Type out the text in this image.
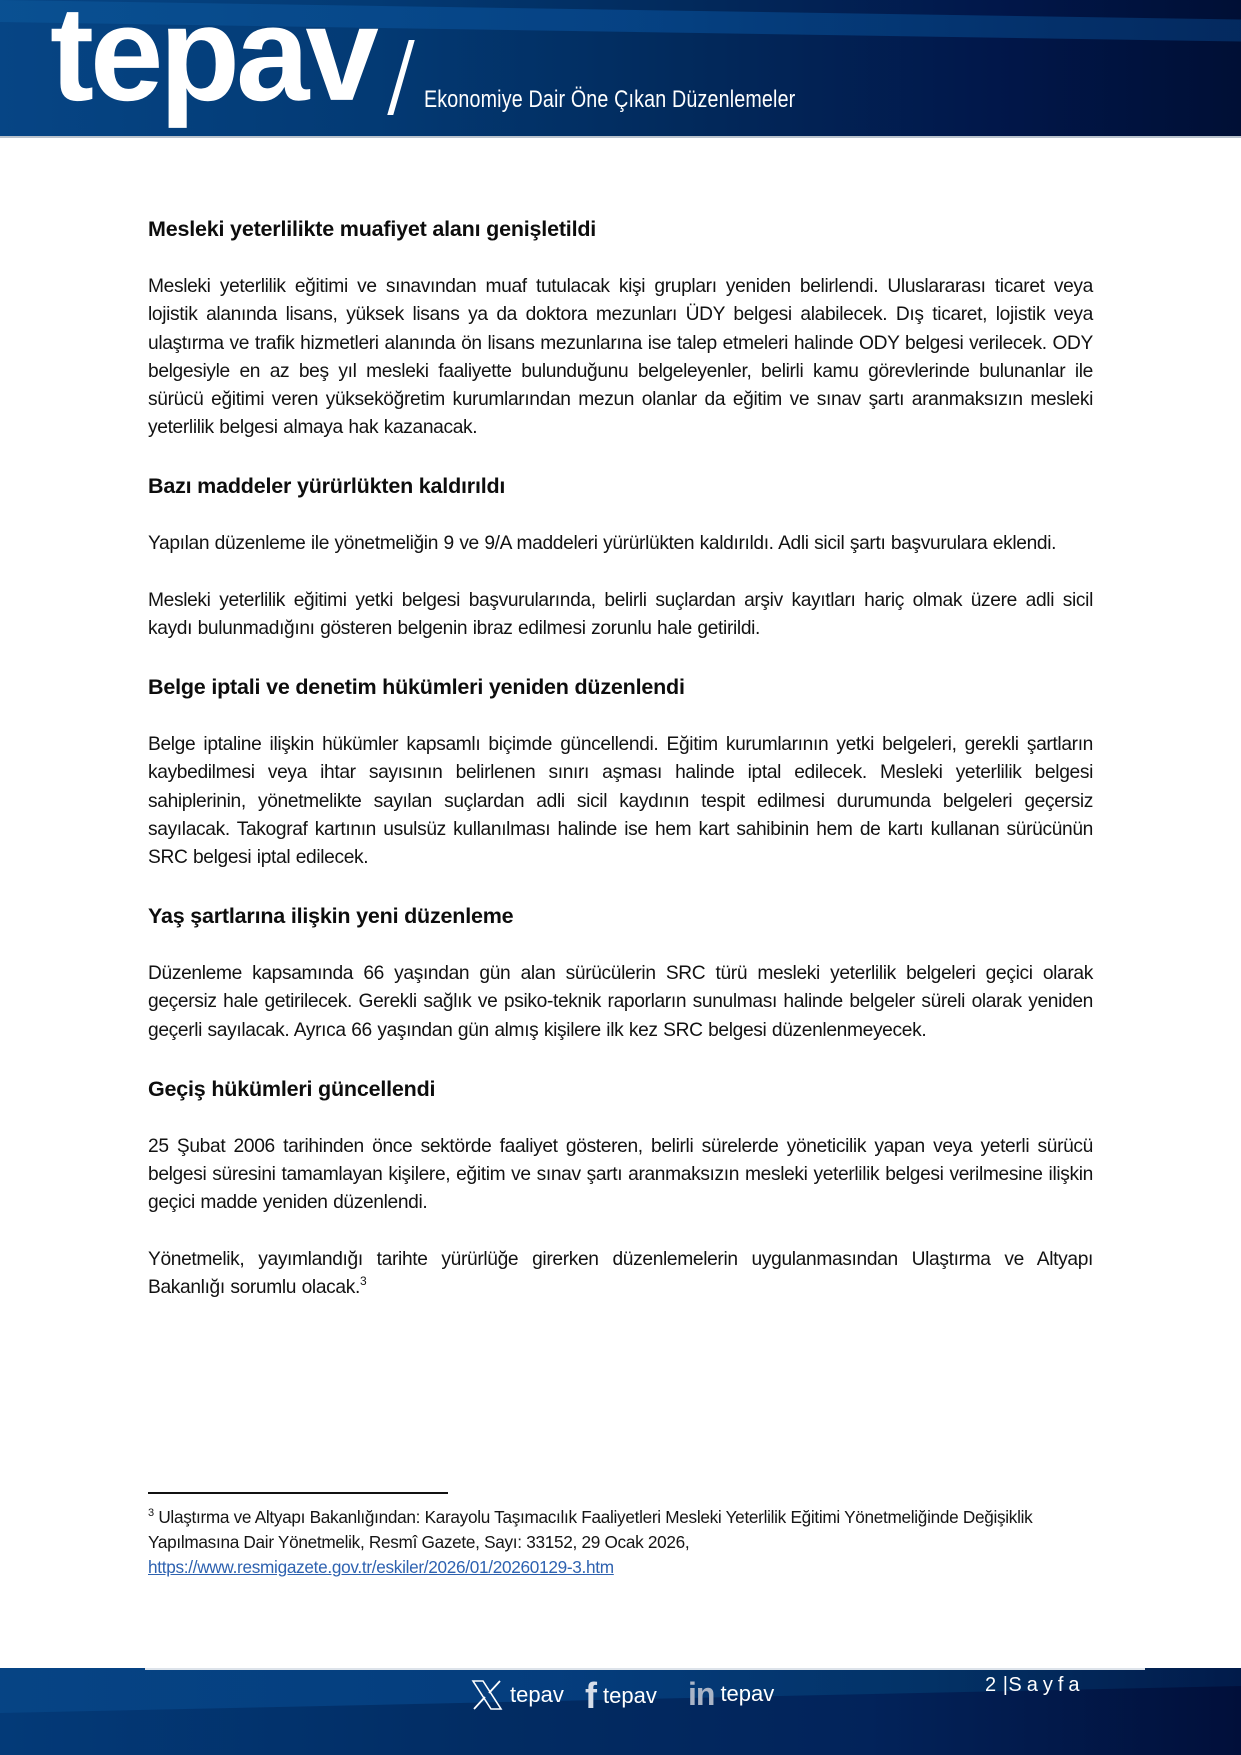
tepav Ekonomiye Dair Öne Çıkan Düzenlemeler
Mesleki yeterlilikte muafiyet alanı genişletildi

Mesleki yeterlilik eğitimi ve sınavından muaf tutulacak kişi grupları yeniden belirlendi. Uluslararası ticaret veya lojistik alanında lisans, yüksek lisans ya da doktora mezunları ÜDY belgesi alabilecek. Dış ticaret, lojistik veya ulaştırma ve trafik hizmetleri alanında ön lisans mezunlarına ise talep etmeleri halinde ODY belgesi verilecek. ODY belgesiyle en az beş yıl mesleki faaliyette bulunduğunu belgeleyenler, belirli kamu görevlerinde bulunanlar ile sürücü eğitimi veren yükseköğretim kurumlarından mezun olanlar da eğitim ve sınav şartı aranmaksızın mesleki yeterlilik belgesi almaya hak kazanacak.

Bazı maddeler yürürlükten kaldırıldı

Yapılan düzenleme ile yönetmeliğin 9 ve 9/A maddeleri yürürlükten kaldırıldı. Adli sicil şartı başvurulara eklendi.

Mesleki yeterlilik eğitimi yetki belgesi başvurularında, belirli suçlardan arşiv kayıtları hariç olmak üzere adli sicil kaydı bulunmadığını gösteren belgenin ibraz edilmesi zorunlu hale getirildi.

Belge iptali ve denetim hükümleri yeniden düzenlendi

Belge iptaline ilişkin hükümler kapsamlı biçimde güncellendi. Eğitim kurumlarının yetki belgeleri, gerekli şartların kaybedilmesi veya ihtar sayısının belirlenen sınırı aşması halinde iptal edilecek. Mesleki yeterlilik belgesi sahiplerinin, yönetmelikte sayılan suçlardan adli sicil kaydının tespit edilmesi durumunda belgeleri geçersiz sayılacak. Takograf kartının usulsüz kullanılması halinde ise hem kart sahibinin hem de kartı kullanan sürücünün SRC belgesi iptal edilecek.

Yaş şartlarına ilişkin yeni düzenleme

Düzenleme kapsamında 66 yaşından gün alan sürücülerin SRC türü mesleki yeterlilik belgeleri geçici olarak geçersiz hale getirilecek. Gerekli sağlık ve psiko-teknik raporların sunulması halinde belgeler süreli olarak yeniden geçerli sayılacak. Ayrıca 66 yaşından gün almış kişilere ilk kez SRC belgesi düzenlenmeyecek.

Geçiş hükümleri güncellendi

25 Şubat 2006 tarihinden önce sektörde faaliyet gösteren, belirli sürelerde yöneticilik yapan veya yeterli sürücü belgesi süresini tamamlayan kişilere, eğitim ve sınav şartı aranmaksızın mesleki yeterlilik belgesi verilmesine ilişkin geçici madde yeniden düzenlendi.

Yönetmelik, yayımlandığı tarihte yürürlüğe girerken düzenlemelerin uygulanmasından Ulaştırma ve Altyapı Bakanlığı sorumlu olacak.$^3$

$^3$ Ulaştırma ve Altyapı Bakanlığından: Karayolu Taşımacılık Faaliyetleri Mesleki Yeterlilik Eğitimi Yönetmeliğinde Değişiklik Yapılmasına Dair Yönetmelik, Resmî Gazete, Sayı: 33152, 29 Ocak 2026,
https://www.resmigazete.gov.tr/eskiler/2026/01/20260129-3.htm
tepav f tepav in tepav	2 |Sayfa
